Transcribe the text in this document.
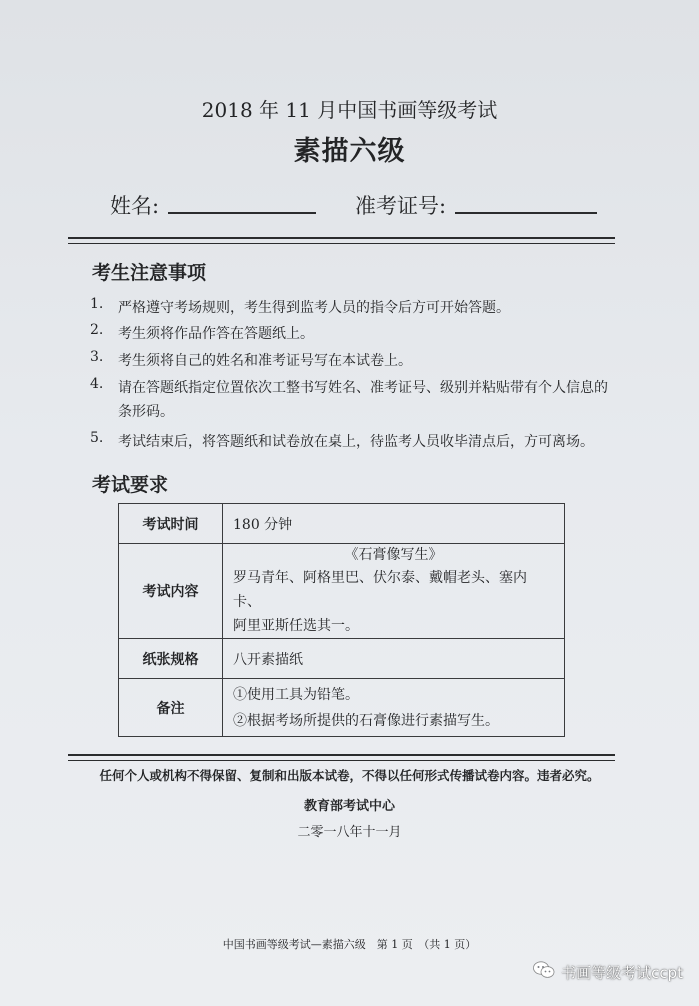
2018 年 11 月中国书画等级考试
素描六级
姓名:	准考证号:
考生注意事项
1. 严格遵守考场规则，考生得到监考人员的指令后方可开始答题。
2. 考生须将作品作答在答题纸上。
3. 考生须将自己的姓名和准考证号写在本试卷上。
4. 请在答题纸指定位置依次工整书写姓名、准考证号、级别并粘贴带有个人信息的条形码。
5. 考试结束后，将答题纸和试卷放在桌上，待监考人员收毕清点后，方可离场。
考试要求
考试时间	180 分钟

考试内容	《石膏像写生》
罗马青年、阿格里巴、伏尔泰、戴帽老头、塞内卡、
阿里亚斯任选其一。

纸张规格	八开素描纸

备注	①使用工具为铅笔。
②根据考场所提供的石膏像进行素描写生。
任何个人或机构不得保留、复制和出版本试卷，不得以任何形式传播试卷内容。违者必究。
教育部考试中心
二零一八年十一月
中国书画等级考试—素描六级　第 1 页　（共 1 页）
书画等级考试ccpt
